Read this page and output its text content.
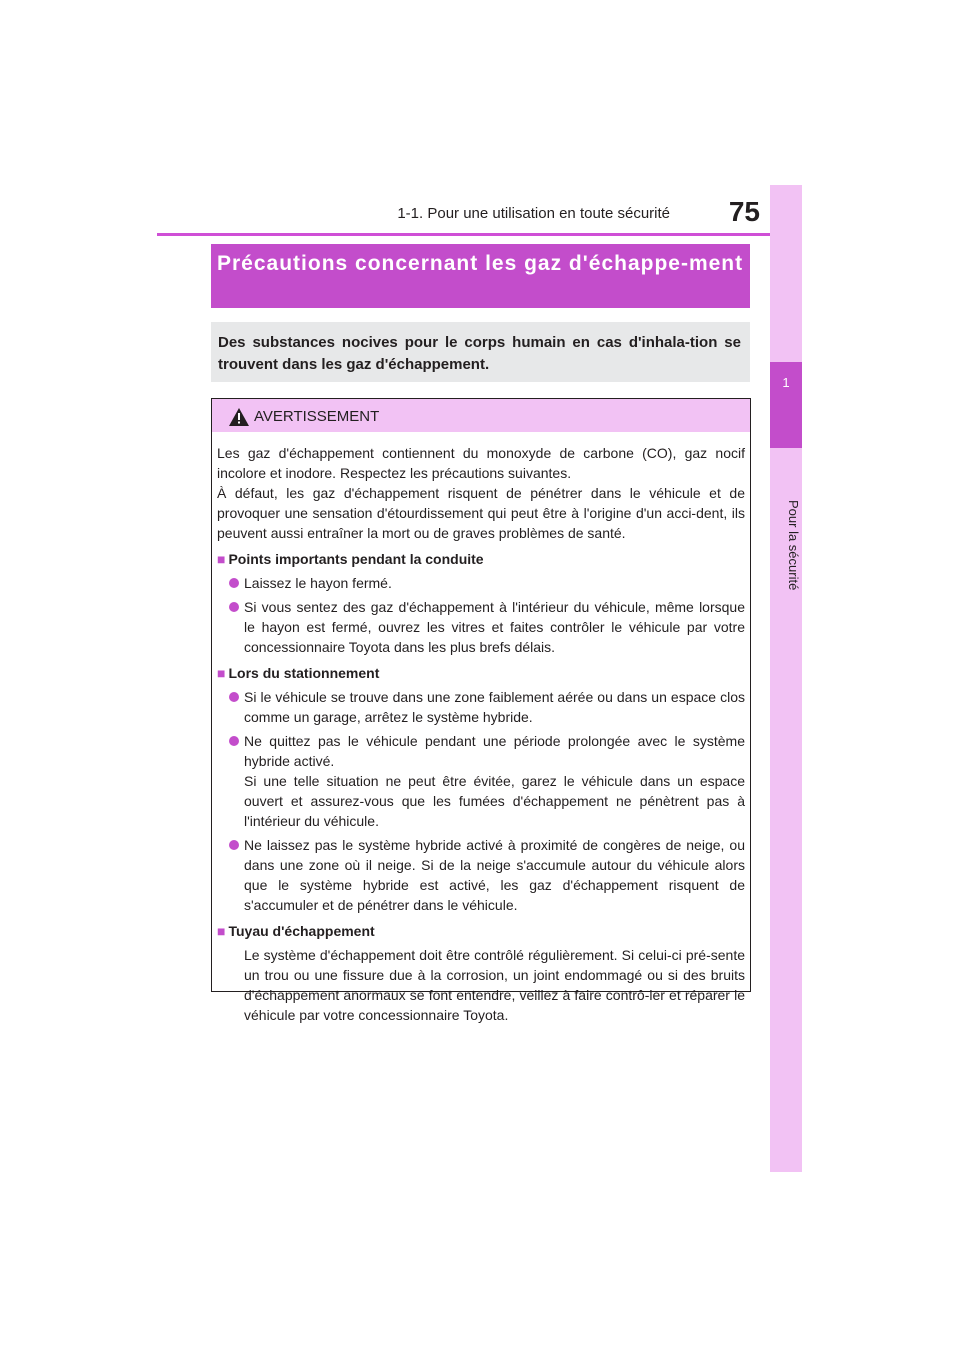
1-1. Pour une utilisation en toute sécurité	75
1
Pour la sécurité
Précautions concernant les gaz d'échappe-ment
Des substances nocives pour le corps humain en cas d'inhala-tion se trouvent dans les gaz d'échappement.
AVERTISSEMENT

Les gaz d'échappement contiennent du monoxyde de carbone (CO), gaz nocif incolore et inodore. Respectez les précautions suivantes.

À défaut, les gaz d'échappement risquent de pénétrer dans le véhicule et de provoquer une sensation d'étourdissement qui peut être à l'origine d'un acci-dent, ils peuvent aussi entraîner la mort ou de graves problèmes de santé.

■ Points importants pendant la conduite

Laissez le hayon fermé.
Si vous sentez des gaz d'échappement à l'intérieur du véhicule, même lorsque le hayon est fermé, ouvrez les vitres et faites contrôler le véhicule par votre concessionnaire Toyota dans les plus brefs délais.

■ Lors du stationnement

Si le véhicule se trouve dans une zone faiblement aérée ou dans un espace clos comme un garage, arrêtez le système hybride.
Ne quittez pas le véhicule pendant une période prolongée avec le système hybride activé.
Si une telle situation ne peut être évitée, garez le véhicule dans un espace ouvert et assurez-vous que les fumées d'échappement ne pénètrent pas à l'intérieur du véhicule.
Ne laissez pas le système hybride activé à proximité de congères de neige, ou dans une zone où il neige. Si de la neige s'accumule autour du véhicule alors que le système hybride est activé, les gaz d'échappement risquent de s'accumuler et de pénétrer dans le véhicule.

■ Tuyau d'échappement

Le système d'échappement doit être contrôlé régulièrement. Si celui-ci pré-sente un trou ou une fissure due à la corrosion, un joint endommagé ou si des bruits d'échappement anormaux se font entendre, veillez à faire contrô-ler et réparer le véhicule par votre concessionnaire Toyota.
